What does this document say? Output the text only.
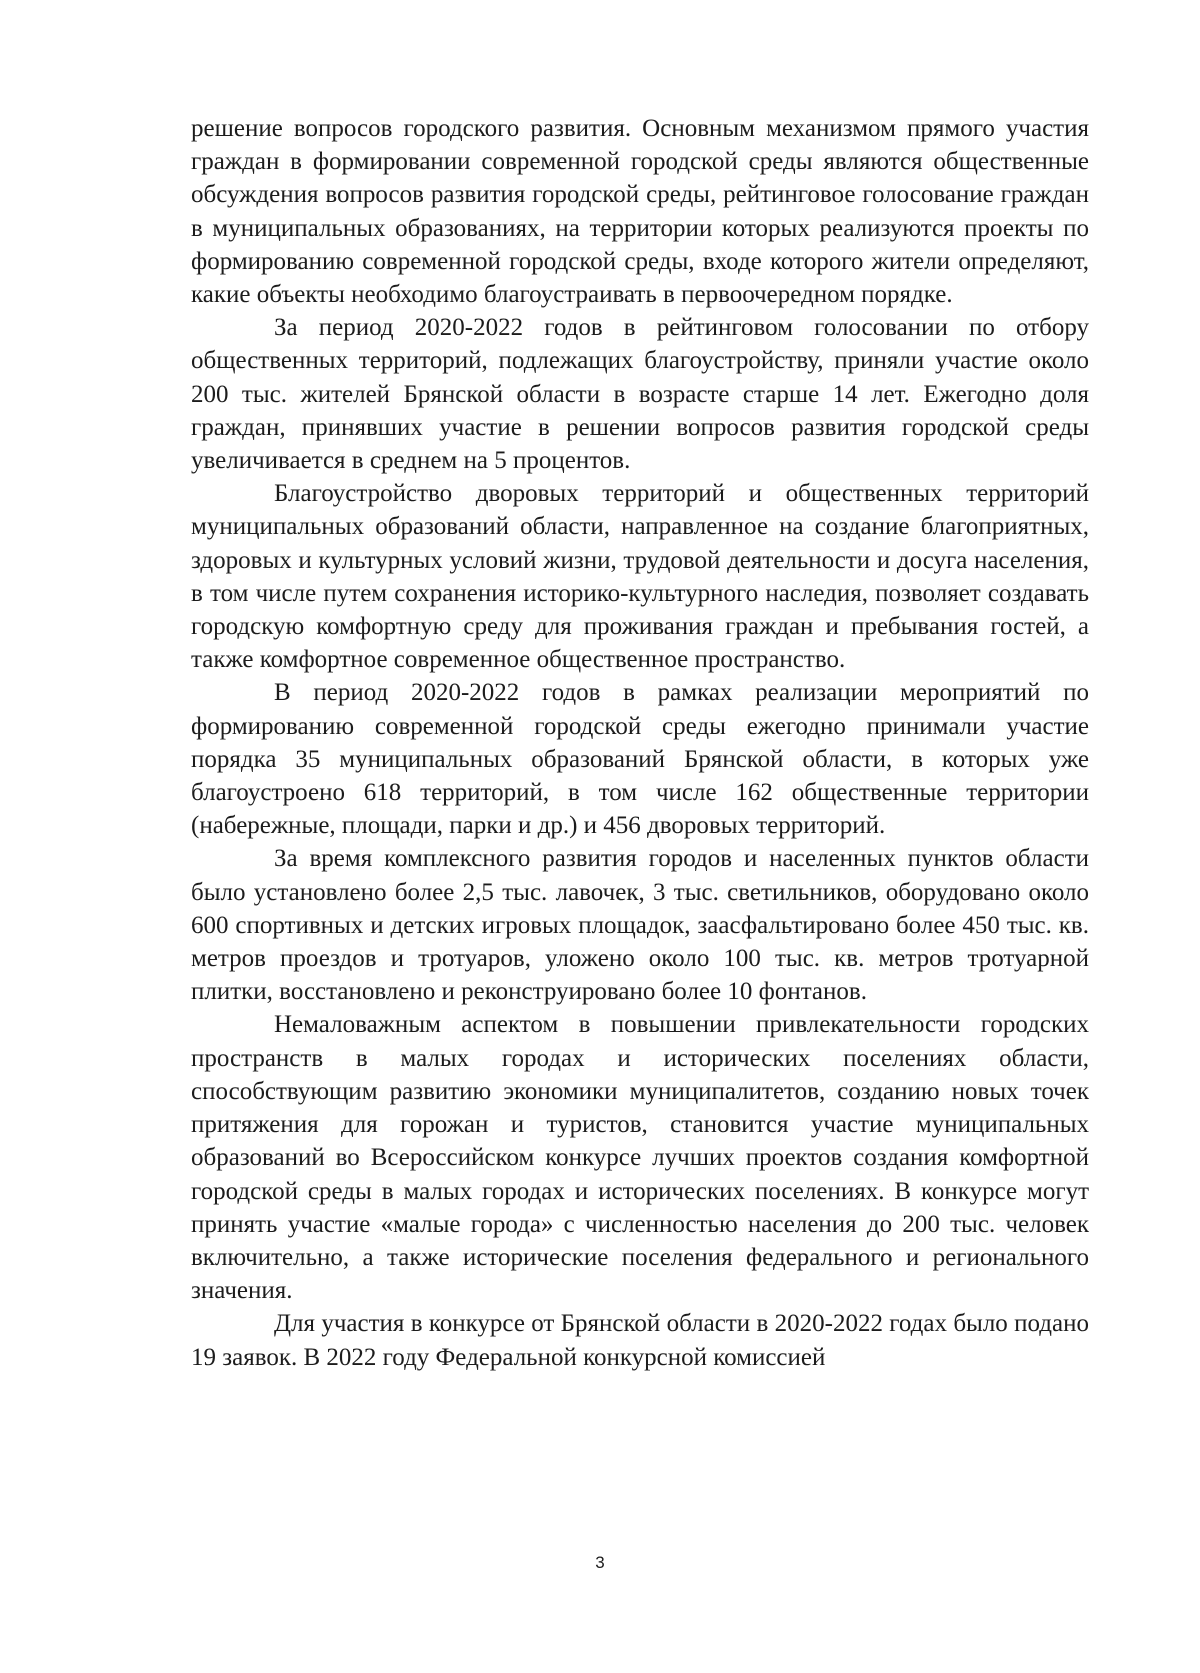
решение вопросов городского развития. Основным механизмом прямого участия граждан в формировании современной городской среды являются общественные обсуждения вопросов развития городской среды, рейтинговое голосование граждан в муниципальных образованиях, на территории которых реализуются проекты по формированию современной городской среды, входе которого жители определяют, какие объекты необходимо благоустраивать в первоочередном порядке.

За период 2020-2022 годов в рейтинговом голосовании по отбору общественных территорий, подлежащих благоустройству, приняли участие около 200 тыс. жителей Брянской области в возрасте старше 14 лет. Ежегодно доля граждан, принявших участие в решении вопросов развития городской среды увеличивается в среднем на 5 процентов.

Благоустройство дворовых территорий и общественных территорий муниципальных образований области, направленное на создание благоприятных, здоровых и культурных условий жизни, трудовой деятельности и досуга населения, в том числе путем сохранения историко-культурного наследия, позволяет создавать городскую комфортную среду для проживания граждан и пребывания гостей, а также комфортное современное общественное пространство.

В период 2020-2022 годов в рамках реализации мероприятий по формированию современной городской среды ежегодно принимали участие порядка 35 муниципальных образований Брянской области, в которых уже благоустроено 618 территорий, в том числе 162 общественные территории (набережные, площади, парки и др.) и 456 дворовых территорий.

За время комплексного развития городов и населенных пунктов области было установлено более 2,5 тыс. лавочек, 3 тыс. светильников, оборудовано около 600 спортивных и детских игровых площадок, заасфальтировано более 450 тыс. кв. метров проездов и тротуаров, уложено около 100 тыс. кв. метров тротуарной плитки, восстановлено и реконструировано более 10 фонтанов.

Немаловажным аспектом в повышении привлекательности городских пространств в малых городах и исторических поселениях области, способствующим развитию экономики муниципалитетов, созданию новых точек притяжения для горожан и туристов, становится участие муниципальных образований во Всероссийском конкурсе лучших проектов создания комфортной городской среды в малых городах и исторических поселениях. В конкурсе могут принять участие «малые города» с численностью населения до 200 тыс. человек включительно, а также исторические поселения федерального и регионального значения.

Для участия в конкурсе от Брянской области в 2020-2022 годах было подано 19 заявок. В 2022 году Федеральной конкурсной комиссией

3
